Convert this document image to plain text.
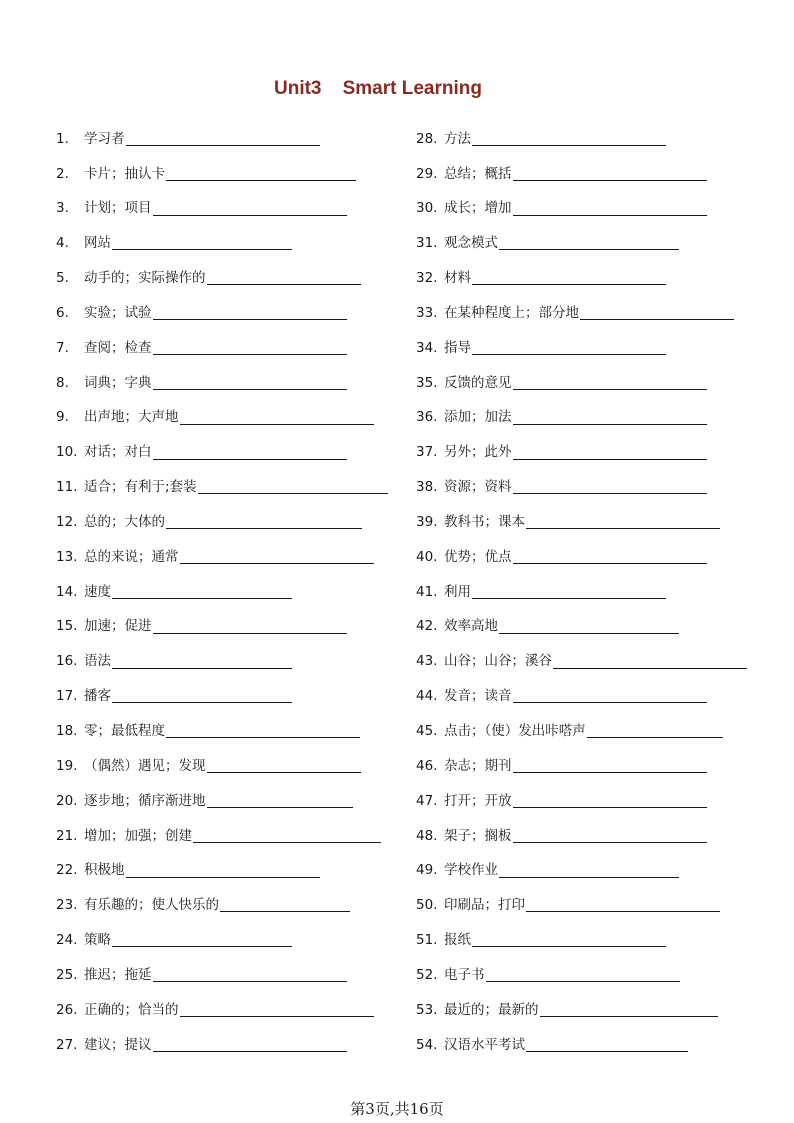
Unit3    Smart Learning
1.	学习者
2.	卡片；抽认卡
3.	计划；项目
4.	网站
5.	动手的；实际操作的
6.	实验；试验
7.	查阅；检查
8.	词典；字典
9.	出声地；大声地
10. 对话；对白
11. 适合；有利于;套装
12. 总的；大体的
13. 总的来说；通常
14. 速度
15. 加速；促进
16. 语法
17. 播客
18. 零；最低程度
19. （偶然）遇见；发现
20. 逐步地；循序渐进地
21. 增加；加强；创建
22. 积极地
23. 有乐趣的；使人快乐的
24. 策略
25. 推迟；拖延
26. 正确的；恰当的
27. 建议；提议
28. 方法
29. 总结；概括
30. 成长；增加
31. 观念模式
32. 材料
33. 在某种程度上；部分地
34. 指导
35. 反馈的意见
36. 添加；加法
37. 另外；此外
38. 资源；资料
39. 教科书；课本
40. 优势；优点
41. 利用
42. 效率高地
43. 山谷；山谷；溪谷
44. 发音；读音
45. 点击；（使）发出咔嗒声
46. 杂志；期刊
47. 打开；开放
48. 架子；搁板
49. 学校作业
50. 印刷品；打印
51. 报纸
52. 电子书
53. 最近的；最新的
54. 汉语水平考试
第3页,共16页
